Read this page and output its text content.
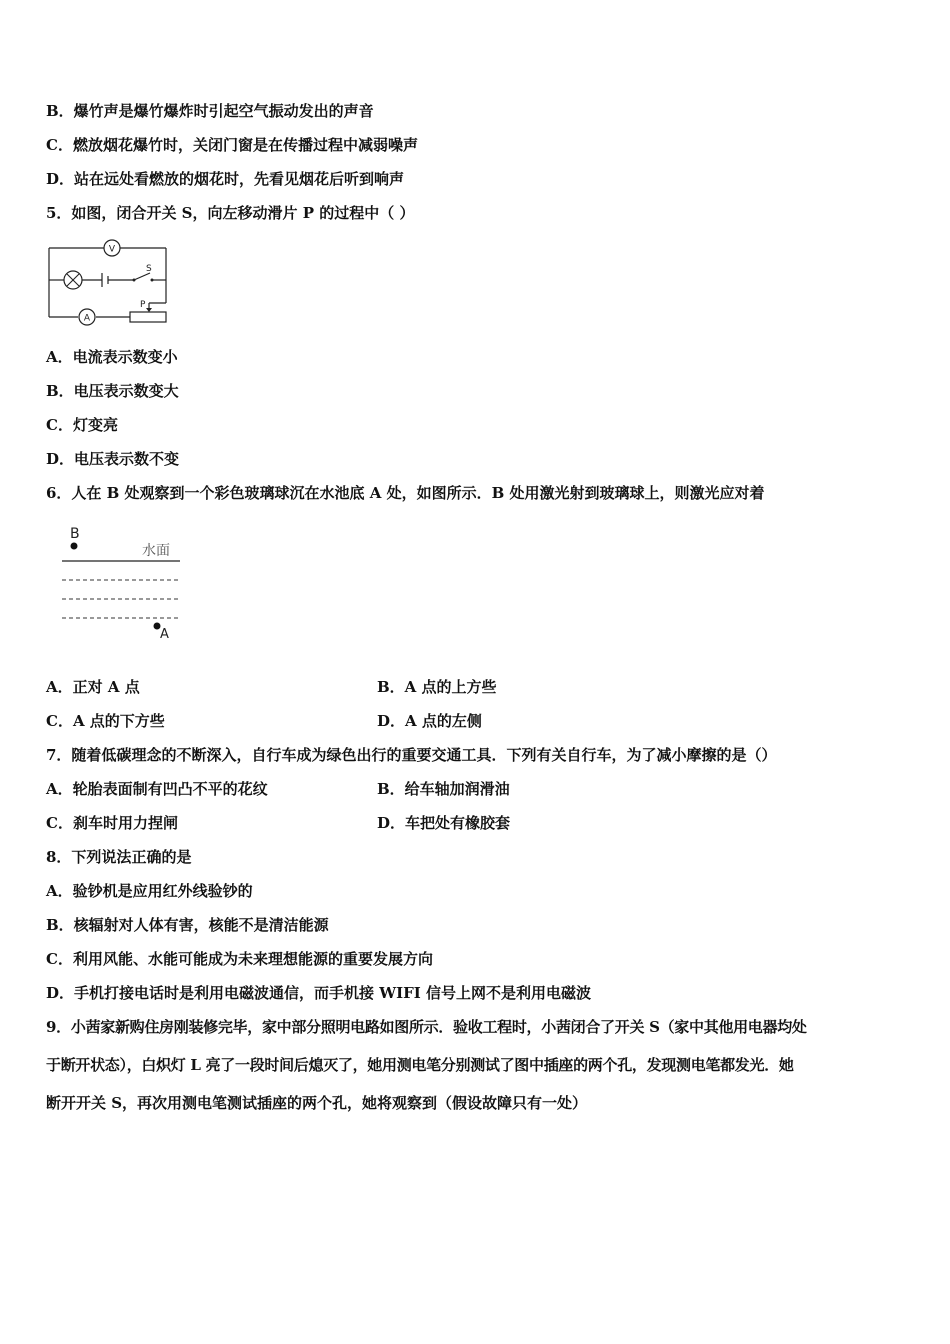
B．爆竹声是爆竹爆炸时引起空气振动发出的声音
C．燃放烟花爆竹时，关闭门窗是在传播过程中减弱噪声
D．站在远处看燃放的烟花时，先看见烟花后听到响声
5．如图，闭合开关 S，向左移动滑片 P 的过程中（ ）
V
A
S
P
A．电流表示数变小
B．电压表示数变大
C．灯变亮
D．电压表示数不变
6．人在 B 处观察到一个彩色玻璃球沉在水池底 A 处，如图所示．B 处用激光射到玻璃球上，则激光应对着
B
水面
A
A．正对 A 点	B．A 点的上方些
C．A 点的下方些	D．A 点的左侧
7．随着低碳理念的不断深入，自行车成为绿色出行的重要交通工具．下列有关自行车，为了减小摩擦的是（）
A．轮胎表面制有凹凸不平的花纹	B．给车轴加润滑油
C．刹车时用力捏闸	D．车把处有橡胶套
8．下列说法正确的是
A．验钞机是应用红外线验钞的
B．核辐射对人体有害，核能不是清洁能源
C．利用风能、水能可能成为未来理想能源的重要发展方向
D．手机打接电话时是利用电磁波通信，而手机接 WIFI 信号上网不是利用电磁波
9．小茜家新购住房刚装修完毕，家中部分照明电路如图所示．验收工程时，小茜闭合了开关 S（家中其他用电器均处
于断开状态），白炽灯 L 亮了一段时间后熄灭了，她用测电笔分别测试了图中插座的两个孔，发现测电笔都发光．她
断开开关 S，再次用测电笔测试插座的两个孔，她将观察到（假设故障只有一处）
